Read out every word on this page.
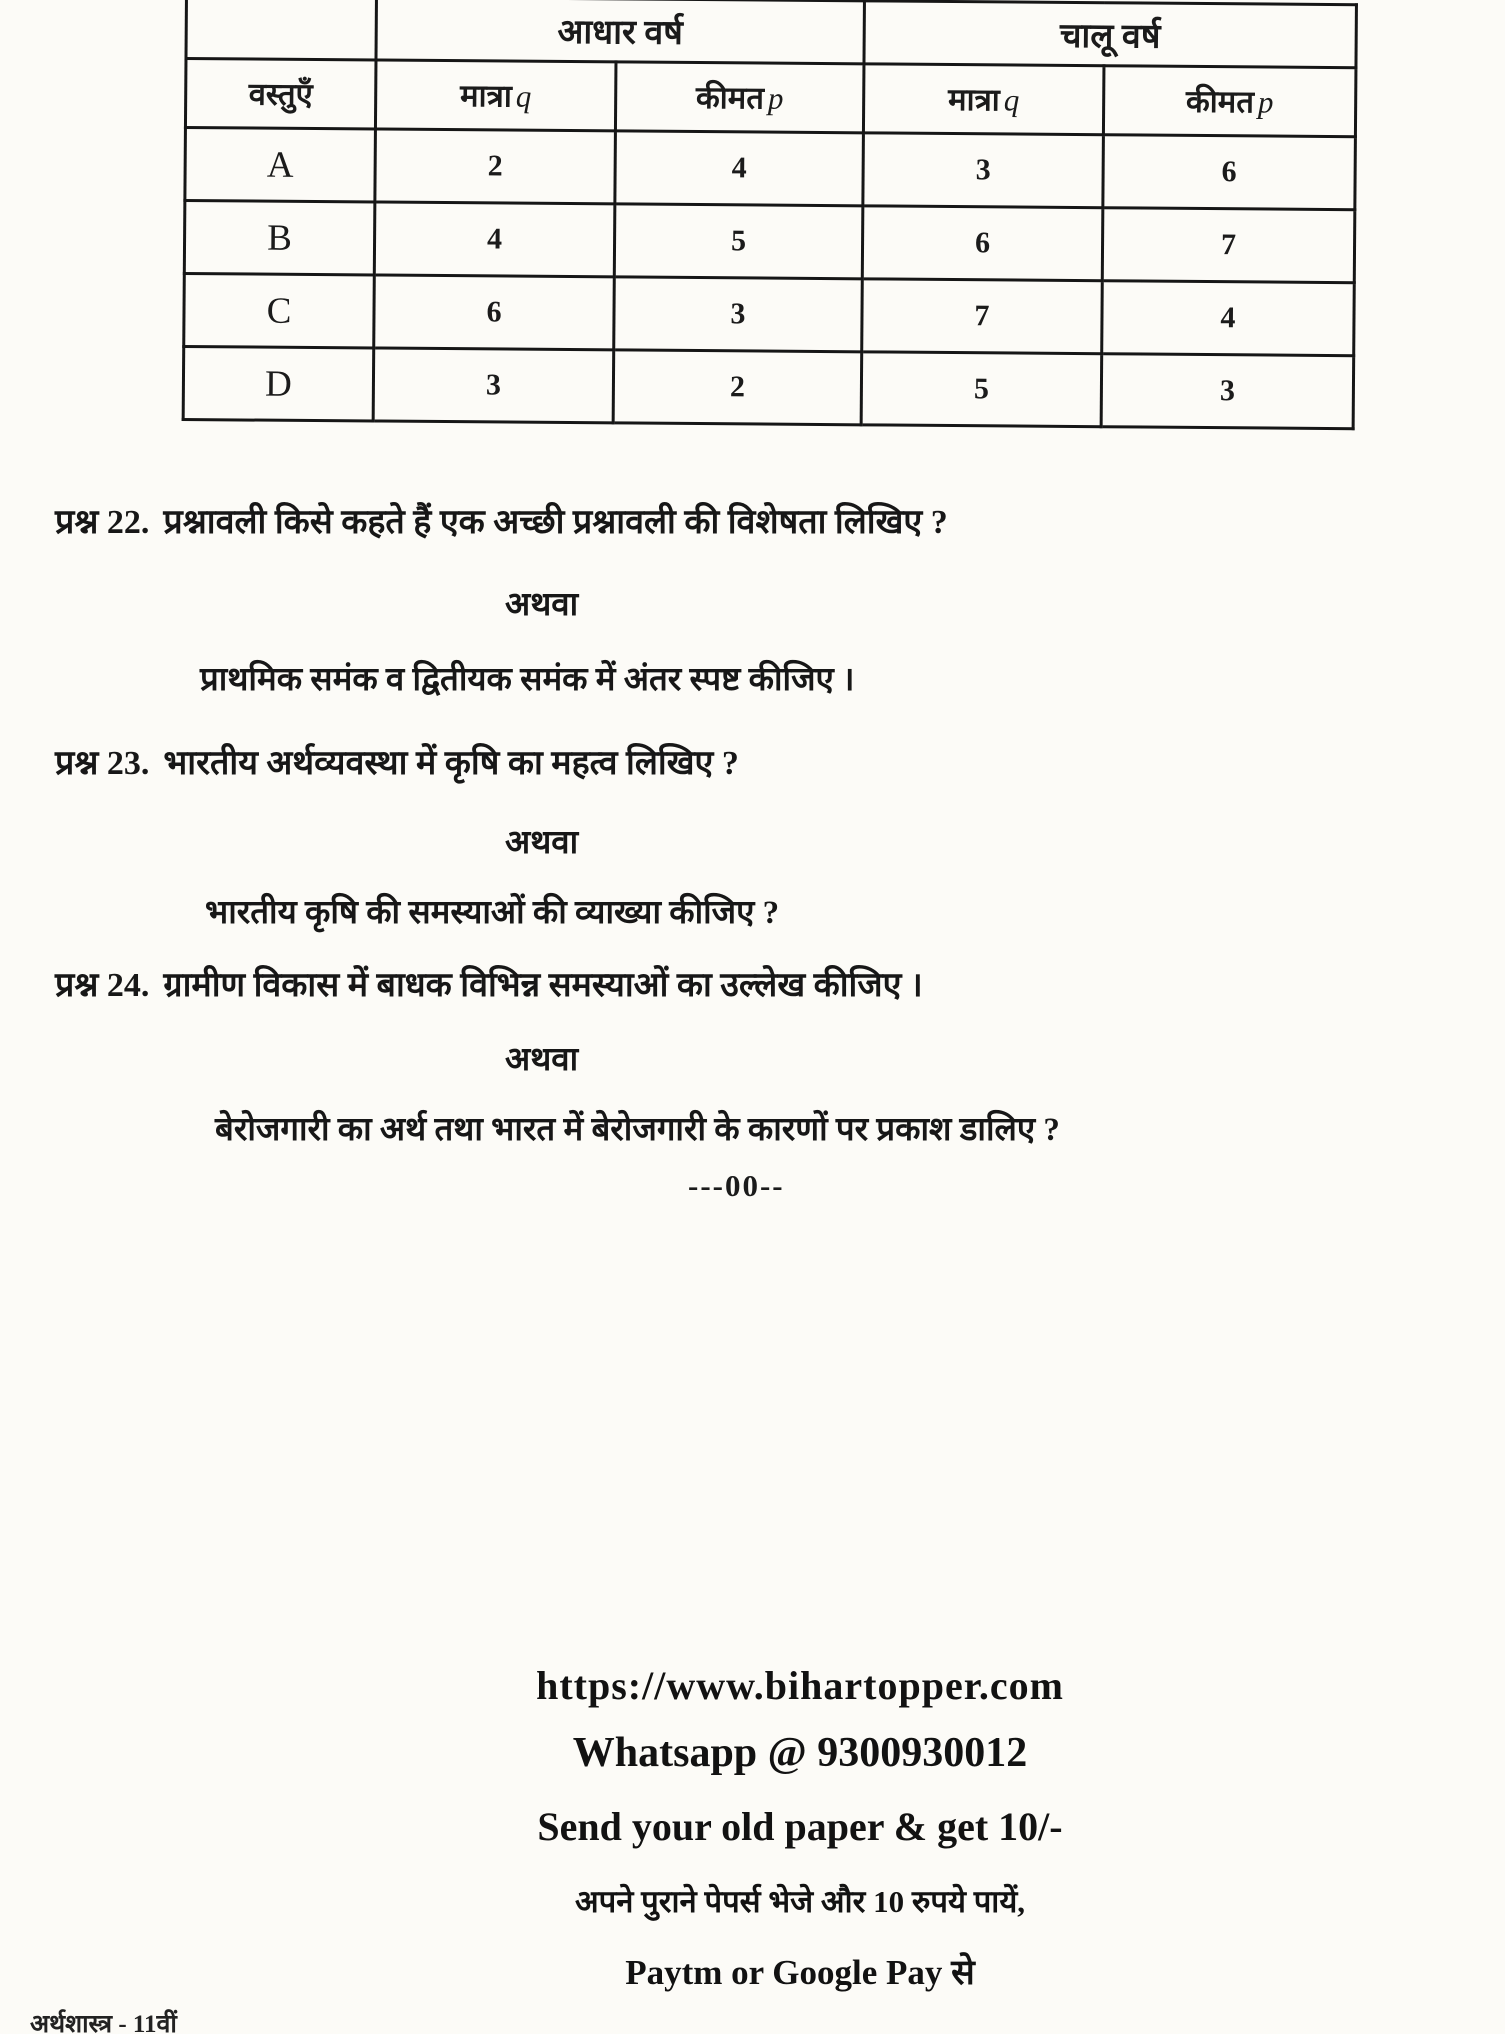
	आधार वर्ष		चालू वर्ष	
वस्तुएँ	मात्रा q	कीमत p	मात्रा q	कीमत p
A	2	4	3	6
B	4	5	6	7
C	6	3	7	4
D	3	2	5	3
प्रश्न 22. प्रश्नावली किसे कहते हैं एक अच्छी प्रश्नावली की विशेषता लिखिए ?
अथवा
प्राथमिक समंक व द्वितीयक समंक में अंतर स्पष्ट कीजिए ।
प्रश्न 23. भारतीय अर्थव्यवस्था में कृषि का महत्व लिखिए ?
अथवा
भारतीय कृषि की समस्याओं की व्याख्या कीजिए ?
प्रश्न 24. ग्रामीण विकास में बाधक विभिन्न समस्याओं का उल्लेख कीजिए ।
अथवा
बेरोजगारी का अर्थ तथा भारत में बेरोजगारी के कारणों पर प्रकाश डालिए ?
---00--
https://www.bihartopper.com
Whatsapp @ 9300930012
Send your old paper & get 10/-
अपने पुराने पेपर्स भेजे और 10 रुपये पायें,
Paytm or Google Pay से
अर्थशास्त्र - 11वीं
